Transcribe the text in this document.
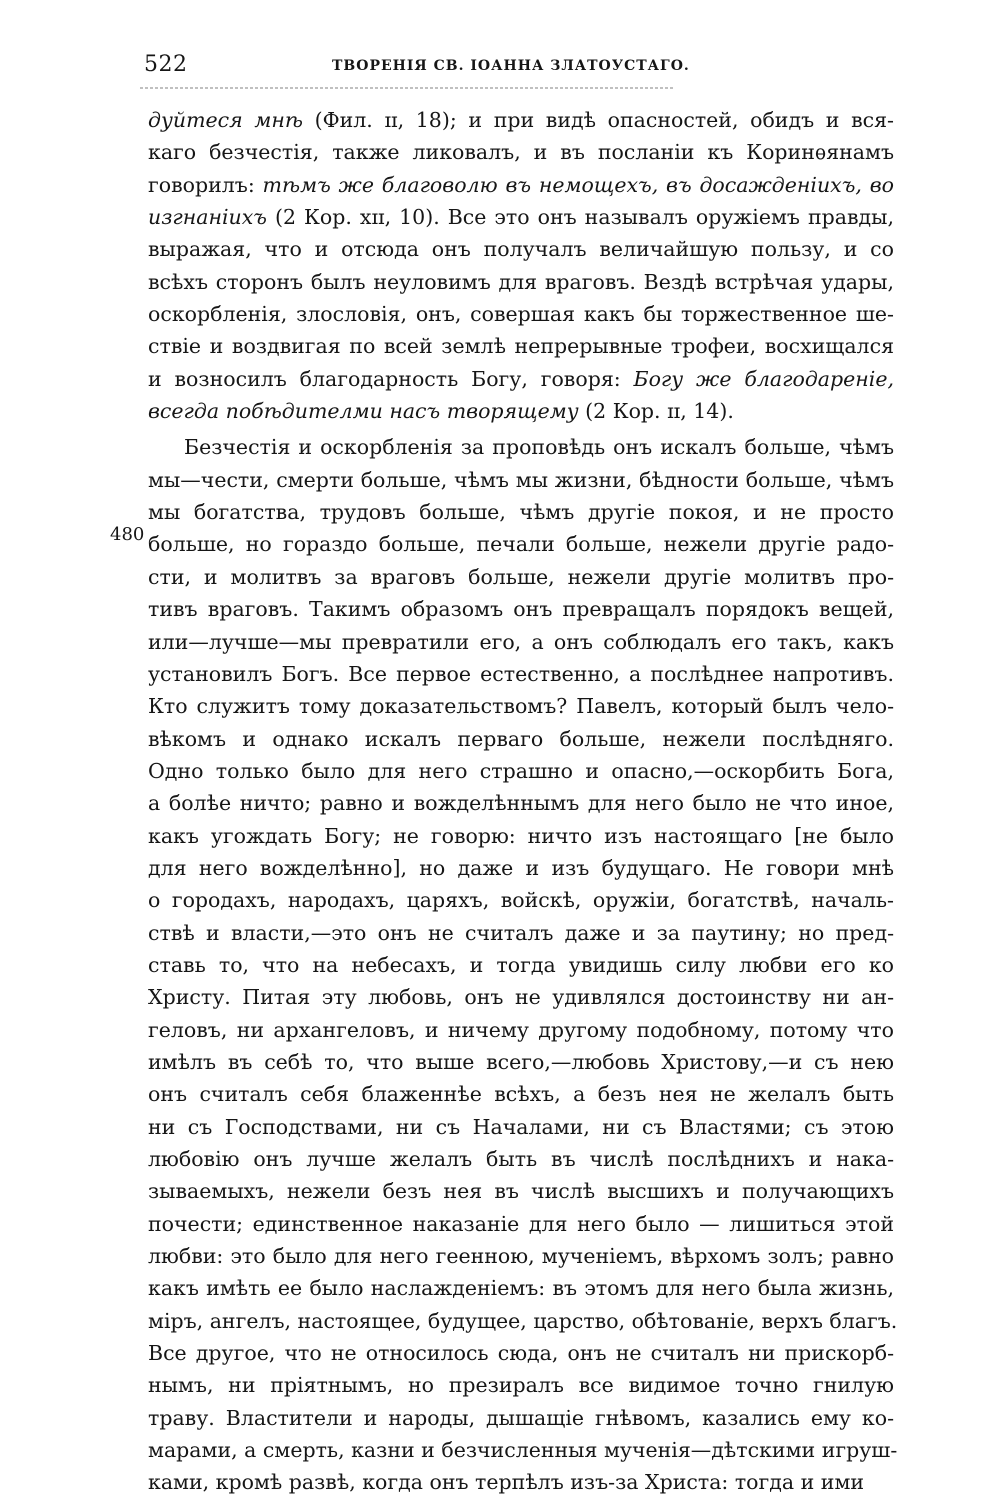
522	ТВОРЕНІЯ СВ. ІОАННА ЗЛАТОУСТАГО.
480
дуйтеся мнѣ (Фил. ɪɪ, 18); и при видѣ опасностей, обидъ и вся-
каго безчестія, также ликовалъ, и въ посланіи къ Коринѳянамъ
говорилъ: тѣмъ же благоволю въ немощехъ, въ досажденіихъ, во
изгнаніихъ (2 Кор. xɪɪ, 10). Все это онъ называлъ оружіемъ правды,
выражая, что и отсюда онъ получалъ величайшую пользу, и со
всѣхъ сторонъ былъ неуловимъ для враговъ. Вездѣ встрѣчая удары,
оскорбленія, злословія, онъ, совершая какъ бы торжественное ше-
ствіе и воздвигая по всей землѣ непрерывные трофеи, восхищался
и возносилъ благодарность Богу, говоря: Богу же благодареніе,
всегда побѣдителми насъ творящему (2 Кор. ɪɪ, 14).
Безчестія и оскорбленія за проповѣдь онъ искалъ больше, чѣмъ
мы—чести, смерти больше, чѣмъ мы жизни, бѣдности больше, чѣмъ
мы богатства, трудовъ больше, чѣмъ другіе покоя, и не просто
больше, но гораздо больше, печали больше, нежели другіе радо-
сти, и молитвъ за враговъ больше, нежели другіе молитвъ про-
тивъ враговъ. Такимъ образомъ онъ превращалъ порядокъ вещей,
или—лучше—мы превратили его, а онъ соблюдалъ его такъ, какъ
установилъ Богъ. Все первое естественно, а послѣднее напротивъ.
Кто служитъ тому доказательствомъ? Павелъ, который былъ чело-
вѣкомъ и однако искалъ перваго больше, нежели послѣдняго.
Одно только было для него страшно и опасно,—оскорбить Бога,
а болѣе ничто; равно и вожделѣннымъ для него было не что иное,
какъ угождать Богу; не говорю: ничто изъ настоящаго [не было
для него вожделѣнно], но даже и изъ будущаго. Не говори мнѣ
о городахъ, народахъ, царяхъ, войскѣ, оружіи, богатствѣ, началь-
ствѣ и власти,—это онъ не считалъ даже и за паутину; но пред-
ставь то, что на небесахъ, и тогда увидишь силу любви его ко
Христу. Питая эту любовь, онъ не удивлялся достоинству ни ан-
геловъ, ни архангеловъ, и ничему другому подобному, потому что
имѣлъ въ себѣ то, что выше всего,—любовь Христову,—и съ нею
онъ считалъ себя блаженнѣе всѣхъ, а безъ нея не желалъ быть
ни съ Господствами, ни съ Началами, ни съ Властями; съ этою
любовію онъ лучше желалъ быть въ числѣ послѣднихъ и нака-
зываемыхъ, нежели безъ нея въ числѣ высшихъ и получающихъ
почести; единственное наказаніе для него было — лишиться этой
любви: это было для него геенною, мученіемъ, вѣрхомъ золъ; равно
какъ имѣть ее было наслажденіемъ: въ этомъ для него была жизнь,
міръ, ангелъ, настоящее, будущее, царство, обѣтованіе, верхъ благъ.
Все другое, что не относилось сюда, онъ не считалъ ни прискорб-
нымъ, ни пріятнымъ, но презиралъ все видимое точно гнилую
траву. Властители и народы, дышащіе гнѣвомъ, казались ему ко-
марами, а смерть, казни и безчисленныя мученія—дѣтскими игруш-
ками, кромѣ развѣ, когда онъ терпѣлъ изъ-за Христа: тогда и ими
